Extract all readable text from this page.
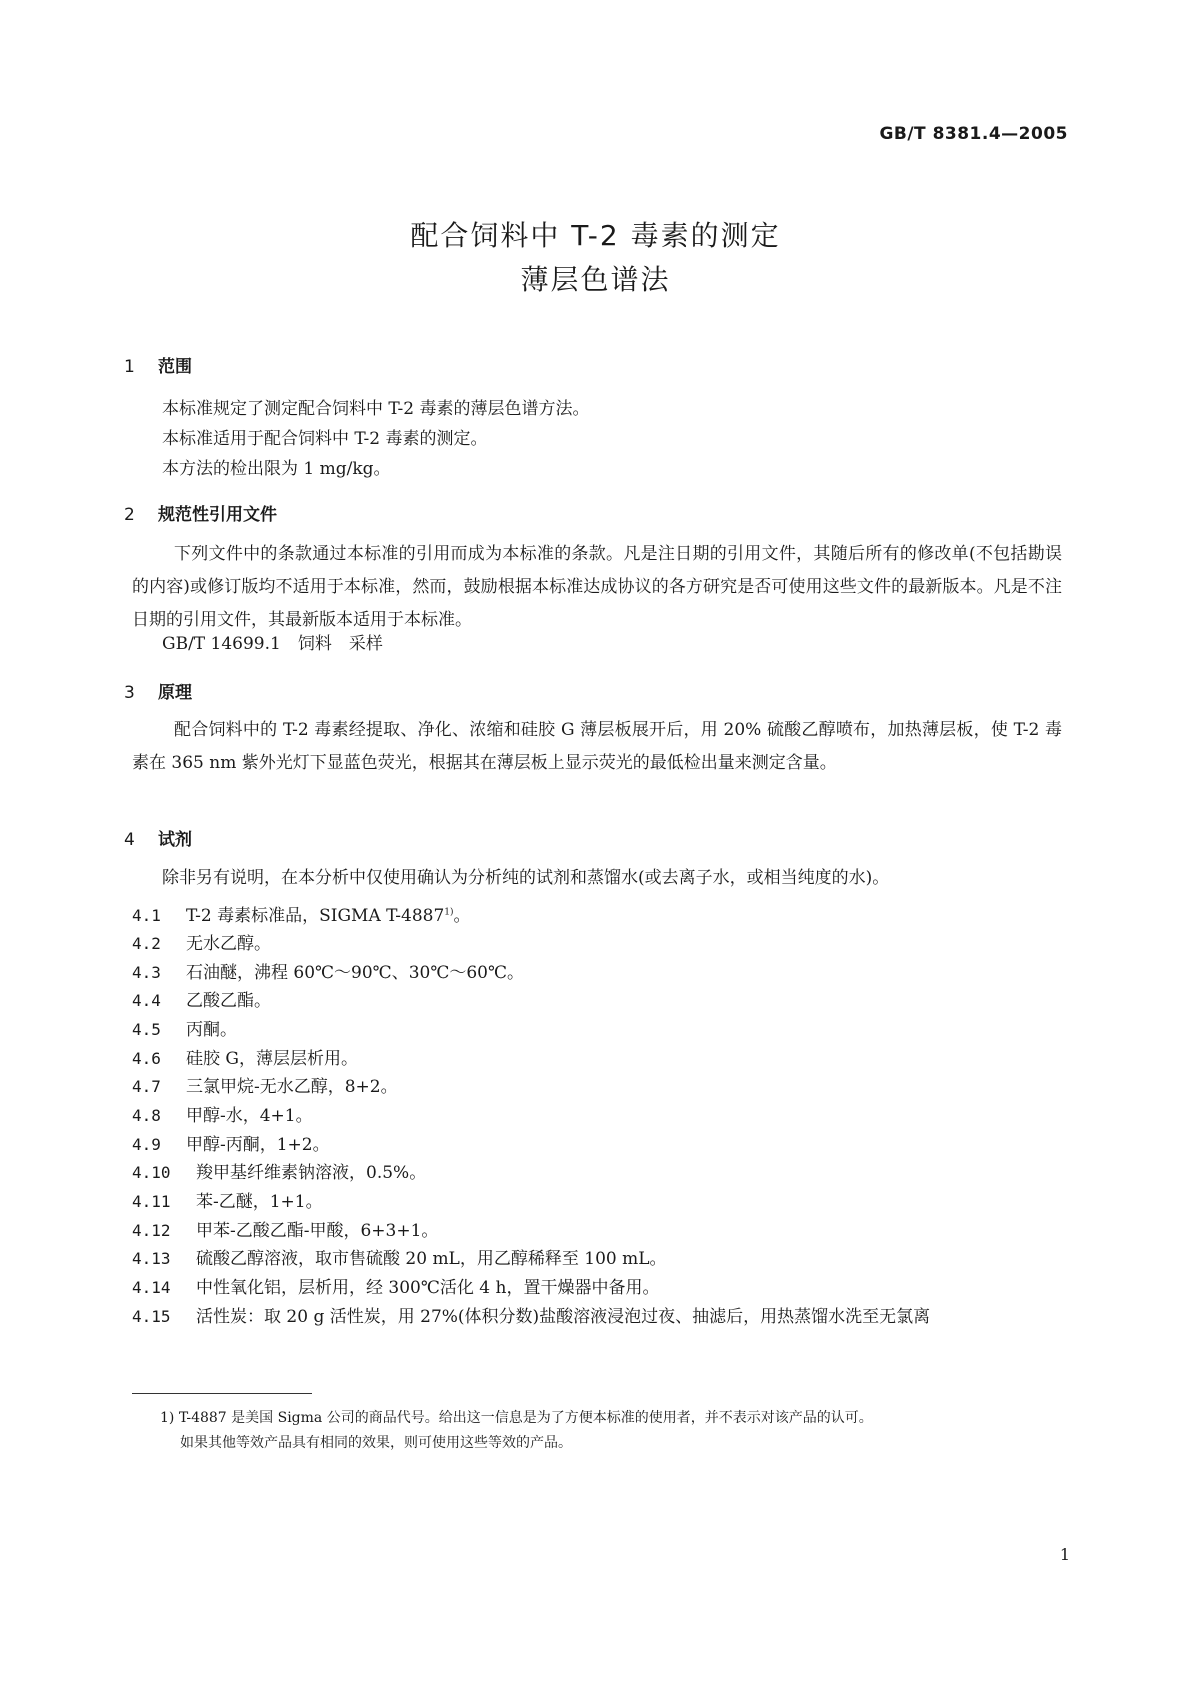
GB/T 8381.4—2005
配合饲料中 T-2 毒素的测定
薄层色谱法
1 范围
本标准规定了测定配合饲料中 T-2 毒素的薄层色谱方法。
本标准适用于配合饲料中 T-2 毒素的测定。
本方法的检出限为 1 mg/kg。
2 规范性引用文件
下列文件中的条款通过本标准的引用而成为本标准的条款。凡是注日期的引用文件，其随后所有的修改单(不包括勘误的内容)或修订版均不适用于本标准，然而，鼓励根据本标准达成协议的各方研究是否可使用这些文件的最新版本。凡是不注日期的引用文件，其最新版本适用于本标准。
GB/T 14699.1　饲料　采样
3 原理
配合饲料中的 T-2 毒素经提取、净化、浓缩和硅胶 G 薄层板展开后，用 20% 硫酸乙醇喷布，加热薄层板，使 T-2 毒素在 365 nm 紫外光灯下显蓝色荧光，根据其在薄层板上显示荧光的最低检出量来测定含量。
4 试剂
除非另有说明，在本分析中仅使用确认为分析纯的试剂和蒸馏水(或去离子水，或相当纯度的水)。
4.1 T-2 毒素标准品，SIGMA T-4887$^{1)}$。
4.2 无水乙醇。
4.3 石油醚，沸程 60℃～90℃、30℃～60℃。
4.4 乙酸乙酯。
4.5 丙酮。
4.6 硅胶 G，薄层层析用。
4.7 三氯甲烷-无水乙醇，8+2。
4.8 甲醇-水，4+1。
4.9 甲醇-丙酮，1+2。
4.10 羧甲基纤维素钠溶液，0.5%。
4.11 苯-乙醚，1+1。
4.12 甲苯-乙酸乙酯-甲酸，6+3+1。
4.13 硫酸乙醇溶液，取市售硫酸 20 mL，用乙醇稀释至 100 mL。
4.14 中性氧化铝，层析用，经 300℃活化 4 h，置干燥器中备用。
4.15 活性炭：取 20 g 活性炭，用 27%(体积分数)盐酸溶液浸泡过夜、抽滤后，用热蒸馏水洗至无氯离
1) T-4887 是美国 Sigma 公司的商品代号。给出这一信息是为了方便本标准的使用者，并不表示对该产品的认可。
如果其他等效产品具有相同的效果，则可使用这些等效的产品。
1
